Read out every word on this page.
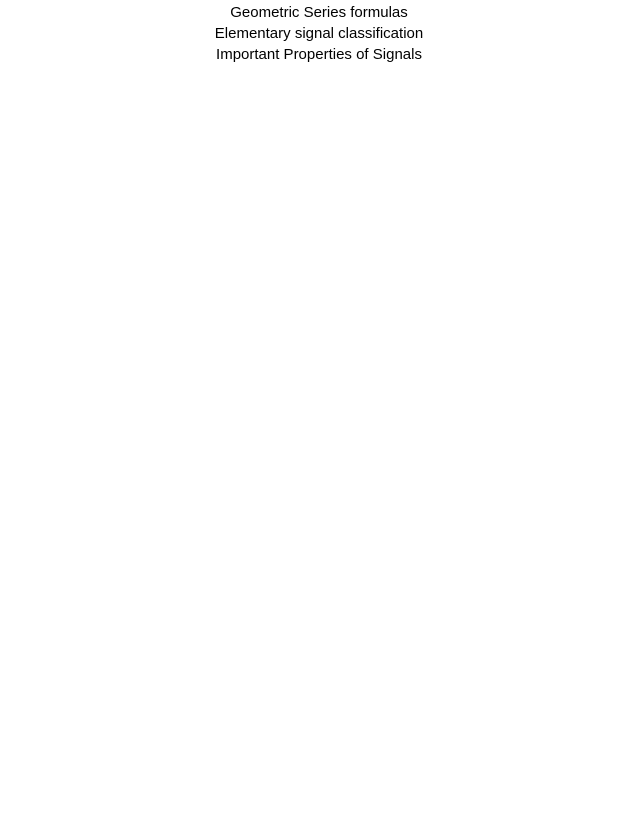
Geometric Series formulas
Elementary signal classification
Important Properties of Signals
